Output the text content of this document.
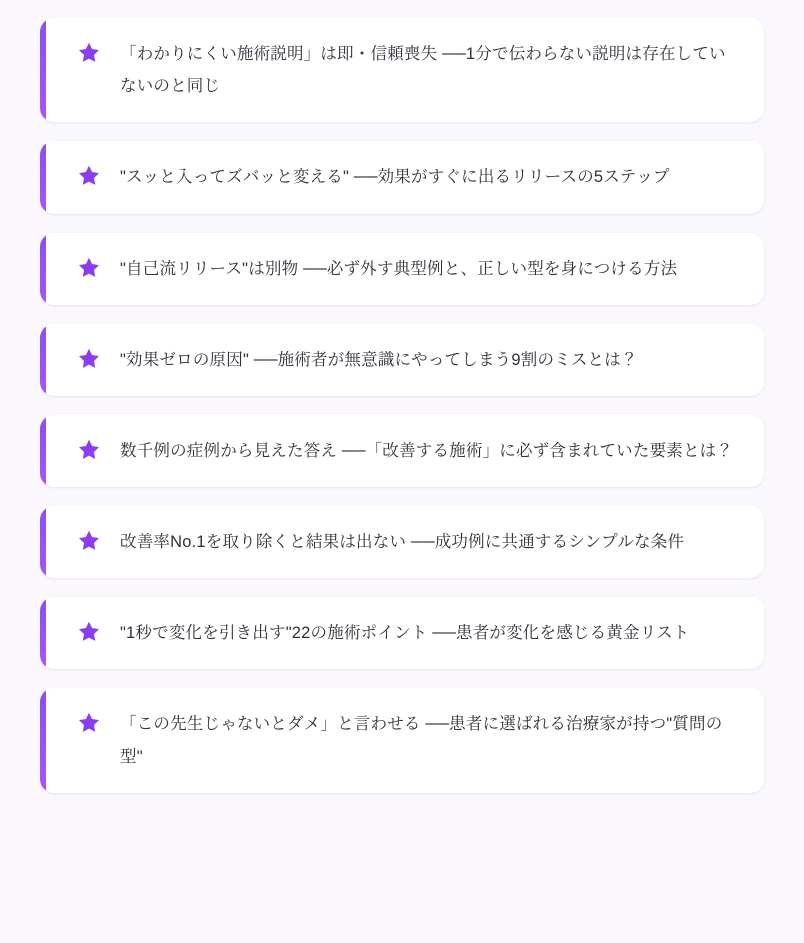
「わかりにくい施術説明」は即・信頼喪失 ──1分で伝わらない説明は存在していないのと同じ
"スッと入ってズバッと変える" ──効果がすぐに出るリリースの5ステップ
"自己流リリース"は別物 ──必ず外す典型例と、正しい型を身につける方法
"効果ゼロの原因" ──施術者が無意識にやってしまう9割のミスとは？
数千例の症例から見えた答え ──「改善する施術」に必ず含まれていた要素とは？
改善率No.1を取り除くと結果は出ない ──成功例に共通するシンプルな条件
"1秒で変化を引き出す"22の施術ポイント ──患者が変化を感じる黄金リスト
「この先生じゃないとダメ」と言わせる ──患者に選ばれる治療家が持つ"質問の型"
